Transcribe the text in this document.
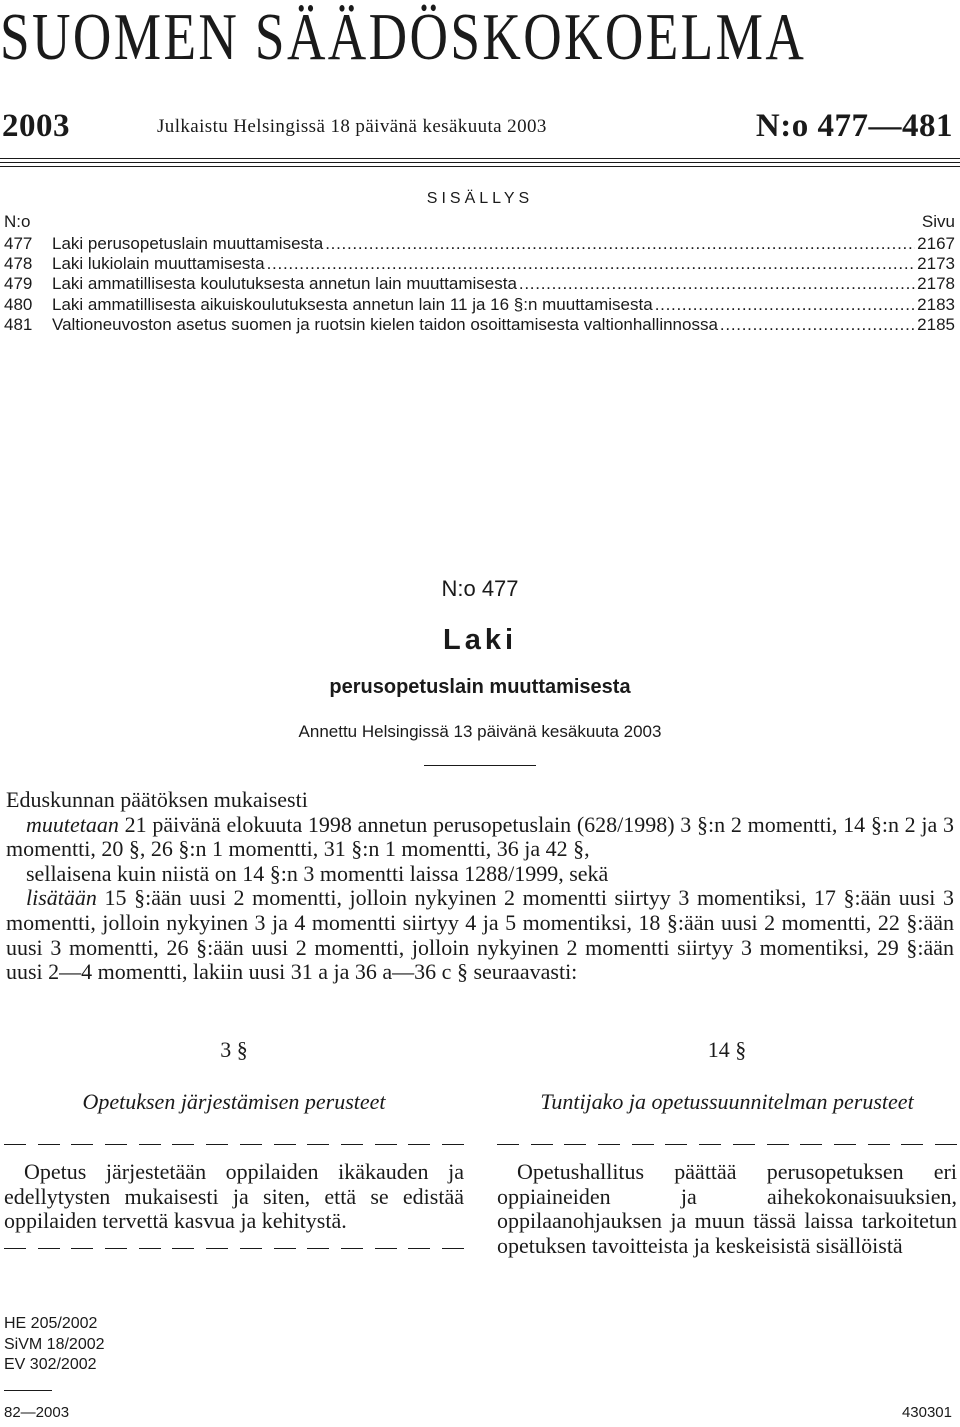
SUOMEN SÄÄDÖSKOKOELMA
2003	Julkaistu Helsingissä 18 päivänä kesäkuuta 2003	N:o 477—481
SISÄLLYS
N:o	Sivu
477	Laki perusopetuslain muuttamisesta . . .	2167
478	Laki lukiolain muuttamisesta . . .	2173
479	Laki ammatillisesta koulutuksesta annetun lain muuttamisesta . . .	2178
480	Laki ammatillisesta aikuiskoulutuksesta annetun lain 11 ja 16 §:n muuttamisesta . . .	2183
481	Valtioneuvoston asetus suomen ja ruotsin kielen taidon osoittamisesta valtionhallinnossa . . .	2185
N:o 477
Laki
perusopetuslain muuttamisesta
Annettu Helsingissä 13 päivänä kesäkuuta 2003

Eduskunnan päätöksen mukaisesti

muutetaan 21 päivänä elokuuta 1998 annetun perusopetuslain (628/1998) 3 §:n 2 momentti, 14 §:n 2 ja 3 momentti, 20 §, 26 §:n 1 momentti, 31 §:n 1 momentti, 36 ja 42 §,

sellaisena kuin niistä on 14 §:n 3 momentti laissa 1288/1999, sekä

lisätään 15 §:ään uusi 2 momentti, jolloin nykyinen 2 momentti siirtyy 3 momentiksi, 17 §:ään uusi 3 momentti, jolloin nykyinen 3 ja 4 momentti siirtyy 4 ja 5 momentiksi, 18 §:ään uusi 2 momentti, 22 §:ään uusi 3 momentti, 26 §:ään uusi 2 momentti, jolloin nykyinen 2 momentti siirtyy 3 momentiksi, 29 §:ään uusi 2—4 momentti, lakiin uusi 31 a ja 36 a—36 c § seuraavasti:

3 §
Opetuksen järjestämisen perusteet
Opetus järjestetään oppilaiden ikäkauden ja edellytysten mukaisesti ja siten, että se edistää oppilaiden tervettä kasvua ja kehitystä.
14 §
Tuntijako ja opetussuunnitelman perusteet
Opetushallitus päättää perusopetuksen eri oppiaineiden ja aihekokonaisuuksien, oppilaanohjauksen ja muun tässä laissa tarkoitetun opetuksen tavoitteista ja keskeisistä sisällöistä
HE 205/2002
SiVM 18/2002
EV 302/2002
82—2003	430301
